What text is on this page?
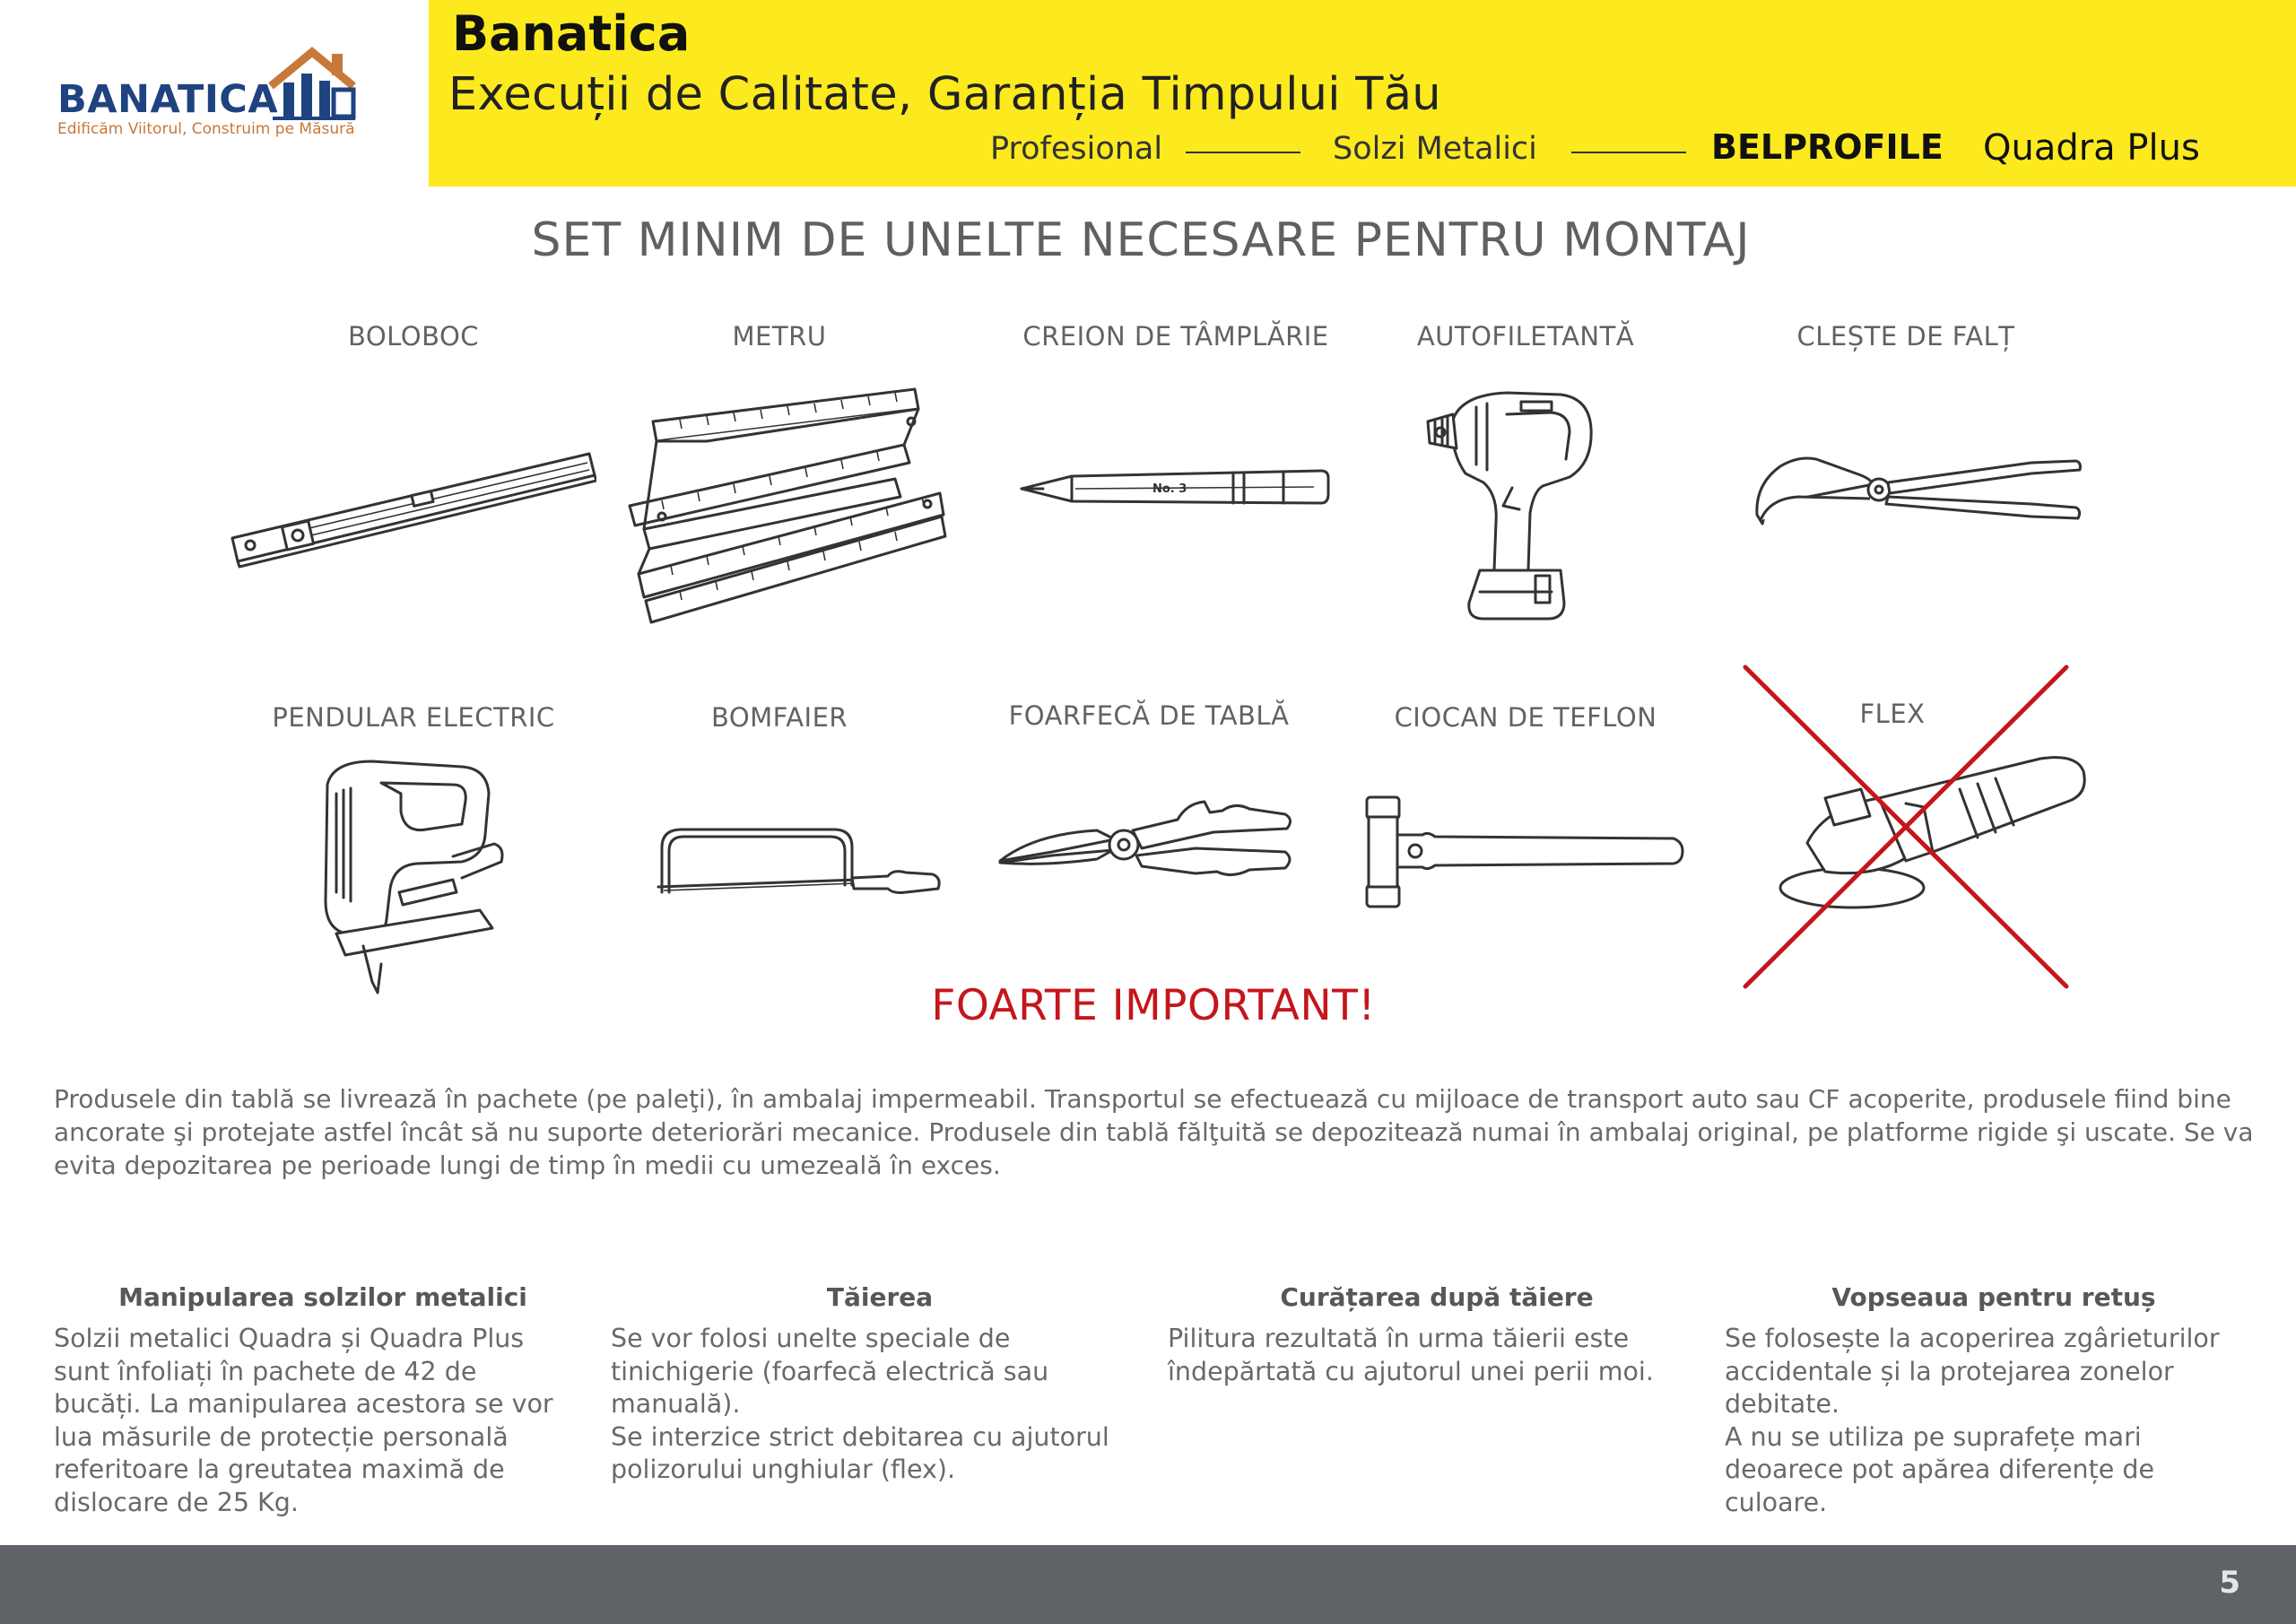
BANATICA
Edificăm Viitorul, Construim pe Măsură
Banatica
Execuții de Calitate, Garanția Timpului Tău
Profesional	Solzi Metalici	BELPROFILE Quadra Plus
SET MINIM DE UNELTE NECESARE PENTRU MONTAJ
BOLOBOC	METRU	CREION DE TÂMPLĂRIE	AUTOFILETANTĂ	CLEȘTE DE FALȚ
No. 3
PENDULAR ELECTRIC	BOMFAIER	FOARFECĂ DE TABLĂ	CIOCAN DE TEFLON	FLEX
FOARTE IMPORTANT!
Produsele din tablă se livrează în pachete (pe paleţi), în ambalaj impermeabil. Transportul se efectuează cu mijloace de transport auto sau CF acoperite, produsele fiind bine ancorate şi protejate astfel încât să nu suporte deteriorări mecanice. Produsele din tablă fălţuită se depozitează numai în ambalaj original, pe platforme rigide şi uscate. Se va evita depozitarea pe perioade lungi de timp în medii cu umezeală în exces.
Manipularea solzilor metalici
Solzii metalici Quadra și Quadra Plus
sunt înfoliați în pachete de 42 de
bucăți. La manipularea acestora se vor
lua măsurile de protecție personală
referitoare la greutatea maximă de
dislocare de 25 Kg.
Tăierea
Se vor folosi unelte speciale de
tinichigerie (foarfecă electrică sau
manuală).
Se interzice strict debitarea cu ajutorul
polizorului unghiular (flex).
Curățarea după tăiere
Pilitura rezultată în urma tăierii este
îndepărtată cu ajutorul unei perii moi.
Vopseaua pentru retuș
Se folosește la acoperirea zgârieturilor
accidentale și la protejarea zonelor
debitate.
A nu se utiliza pe suprafețe mari
deoarece pot apărea diferențe de
culoare.
5
